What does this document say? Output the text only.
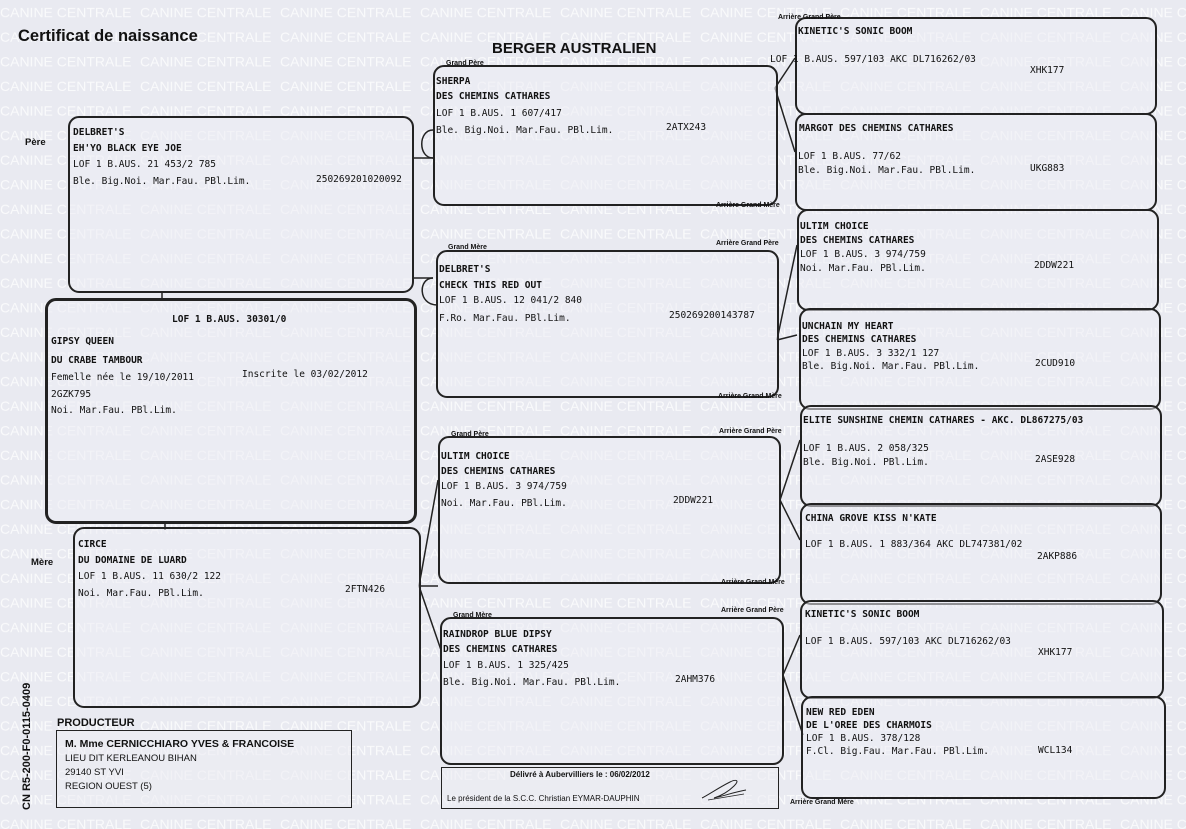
Certificat de naissance
BERGER AUSTRALIEN
Père
Mère
CN R5-200-F0-0115-0409
Grand Père
Grand Mère
Grand Père
Grand Mère
Arrière Grand Père
Arrière Grand Mère
Arrière Grand Père
Arrière Grand Mère
Arrière Grand Père
Arrière Grand Mère
Arrière Grand Père
Arrière Grand Mère
DELBRET'S
EH'YO BLACK EYE JOE
LOF 1 B.AUS. 21 453/2 785
Ble. Big.Noi. Mar.Fau. PBl.Lim.	250269201020092
LOF 1 B.AUS. 30301/0
GIPSY QUEEN
DU CRABE TAMBOUR
Femelle née le 19/10/2011	Inscrite le 03/02/2012
2GZK795
Noi. Mar.Fau. PBl.Lim.
CIRCE
DU DOMAINE DE LUARD
LOF 1 B.AUS. 11 630/2 122
Noi. Mar.Fau. PBl.Lim.	2FTN426
SHERPA
DES CHEMINS CATHARES
LOF 1 B.AUS. 1 607/417
Ble. Big.Noi. Mar.Fau. PBl.Lim.	2ATX243
DELBRET'S
CHECK THIS RED OUT
LOF 1 B.AUS. 12 041/2 840
F.Ro. Mar.Fau. PBl.Lim.	250269200143787
ULTIM CHOICE
DES CHEMINS CATHARES
LOF 1 B.AUS. 3 974/759
Noi. Mar.Fau. PBl.Lim.	2DDW221
RAINDROP BLUE DIPSY
DES CHEMINS CATHARES
LOF 1 B.AUS. 1 325/425
Ble. Big.Noi. Mar.Fau. PBl.Lim.	2AHM376
KINETIC'S SONIC BOOM
LOF 1 B.AUS. 597/103 AKC DL716262/03
XHK177
MARGOT DES CHEMINS CATHARES
LOF 1 B.AUS. 77/62
Ble. Big.Noi. Mar.Fau. PBl.Lim.	UKG883
ULTIM CHOICE
DES CHEMINS CATHARES
LOF 1 B.AUS. 3 974/759
Noi. Mar.Fau. PBl.Lim.	2DDW221
UNCHAIN MY HEART
DES CHEMINS CATHARES
LOF 1 B.AUS. 3 332/1 127
Ble. Big.Noi. Mar.Fau. PBl.Lim.	2CUD910
ELITE SUNSHINE CHEMIN CATHARES - AKC. DL867275/03
LOF 1 B.AUS. 2 058/325
Ble. Big.Noi. PBl.Lim.	2ASE928
CHINA GROVE KISS N'KATE
LOF 1 B.AUS. 1 883/364 AKC DL747381/02
2AKP886
KINETIC'S SONIC BOOM
LOF 1 B.AUS. 597/103 AKC DL716262/03
XHK177
NEW RED EDEN
DE L'OREE DES CHARMOIS
LOF 1 B.AUS. 378/128
F.Cl. Big.Fau. Mar.Fau. PBl.Lim.	WCL134
PRODUCTEUR
M. Mme CERNICCHIARO YVES & FRANCOISE
LIEU DIT KERLEANOU BIHAN
29140 ST YVI
REGION OUEST (5)
Délivré à Aubervilliers le : 06/02/2012
Le président de la S.C.C. Christian EYMAR-DAUPHIN
